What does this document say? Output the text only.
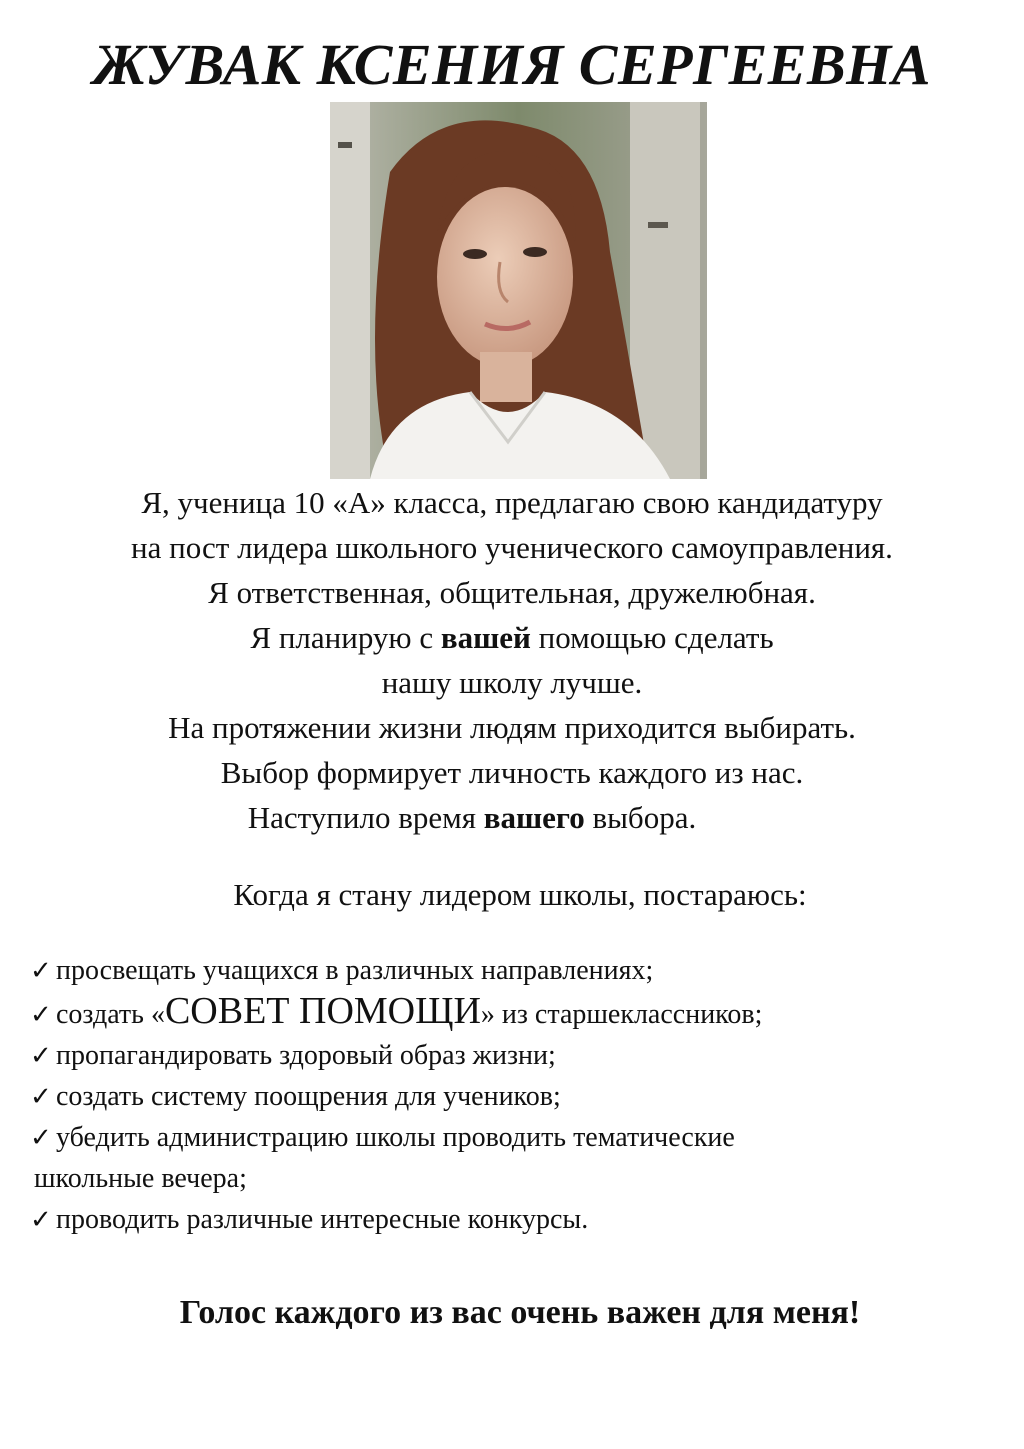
ЖУВАК КСЕНИЯ СЕРГЕЕВНА

Я, ученица 10 «А» класса, предлагаю свою кандидатуру

на пост лидера школьного ученического самоуправления.

Я ответственная, общительная, дружелюбная.

Я планирую с вашей помощью сделать

нашу школу лучше.

На протяжении жизни людям приходится выбирать.

Выбор формирует личность каждого из нас.

Наступило время вашего выбора.

Когда я стану лидером школы, постараюсь:

✓ просвещать учащихся в различных направлениях;
✓ создать «СОВЕТ ПОМОЩИ» из старшеклассников;
✓ пропагандировать здоровый образ жизни;
✓ создать систему поощрения для учеников;
✓ убедить администрацию школы проводить тематические
школьные вечера;
✓ проводить различные интересные конкурсы.

Голос каждого из вас очень важен для меня!
